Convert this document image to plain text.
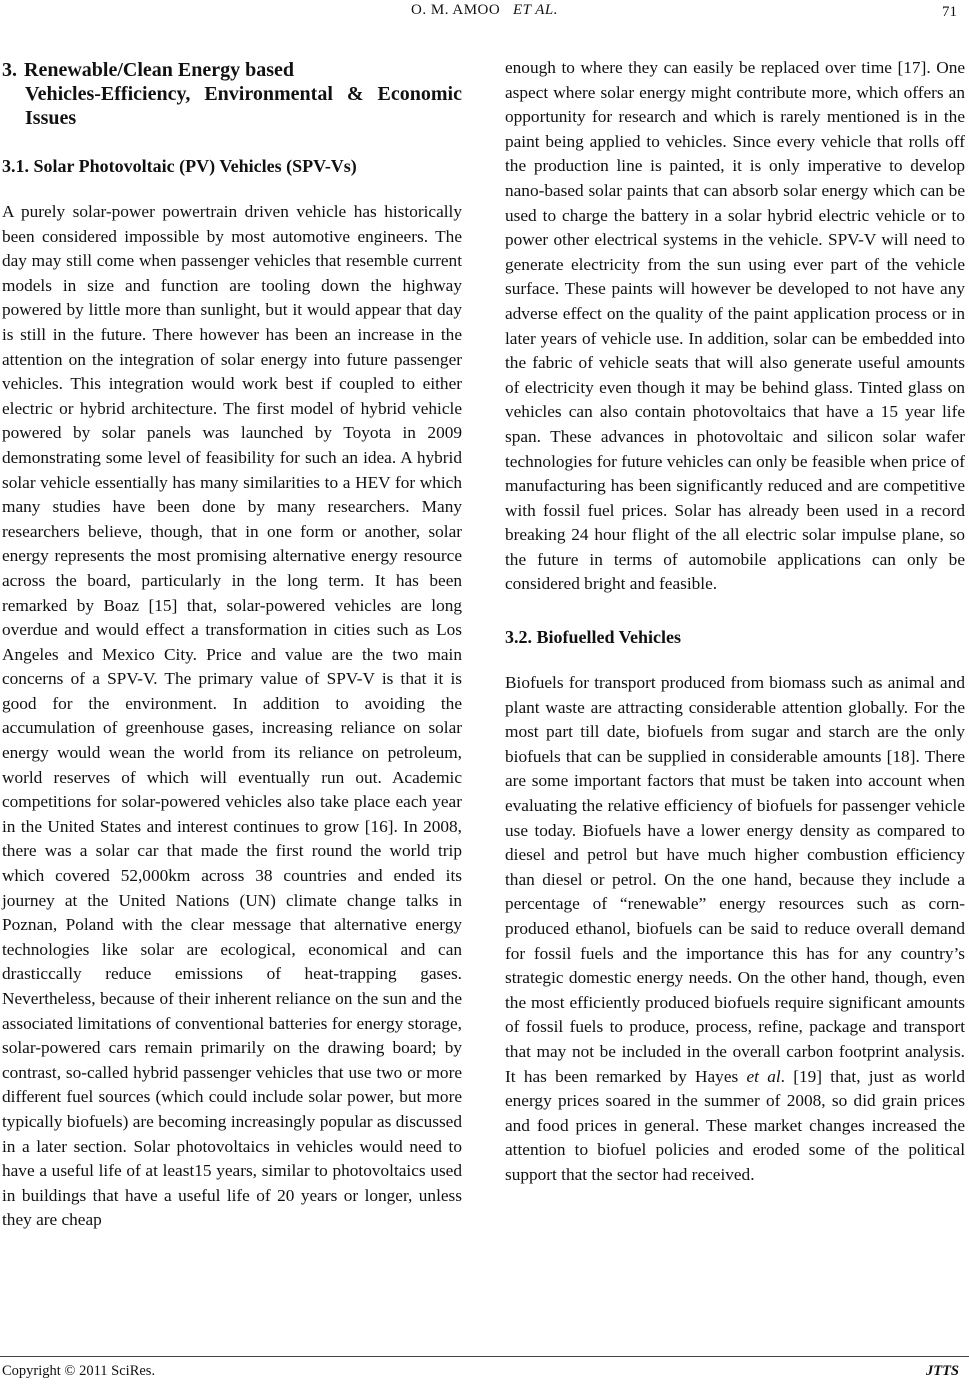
O. M. AMOO ET AL.	71
3. Renewable/Clean Energy based
Vehicles-Efficiency, Environmental & Economic Issues
3.1. Solar Photovoltaic (PV) Vehicles (SPV-Vs)

A purely solar-power powertrain driven vehicle has historically been considered impossible by most automotive engineers. The day may still come when passenger vehicles that resemble current models in size and function are tooling down the highway powered by little more than sunlight, but it would appear that day is still in the future. There however has been an increase in the attention on the integration of solar energy into future passenger vehicles. This integration would work best if coupled to either electric or hybrid architecture. The first model of hybrid vehicle powered by solar panels was launched by Toyota in 2009 demonstrating some level of feasibility for such an idea. A hybrid solar vehicle essentially has many similarities to a HEV for which many studies have been done by many researchers. Many researchers believe, though, that in one form or another, solar energy represents the most promising alternative energy resource across the board, particularly in the long term. It has been remarked by Boaz [15] that, solar-powered vehicles are long overdue and would effect a transformation in cities such as Los Angeles and Mexico City. Price and value are the two main concerns of a SPV-V. The primary value of SPV-V is that it is good for the environment. In addition to avoiding the accumulation of greenhouse gases, increasing reliance on solar energy would wean the world from its reliance on petroleum, world reserves of which will eventually run out. Academic competitions for solar-powered vehicles also take place each year in the United States and interest continues to grow [16]. In 2008, there was a solar car that made the first round the world trip which covered 52,000km across 38 countries and ended its journey at the United Nations (UN) climate change talks in Poznan, Poland with the clear message that alternative energy technologies like solar are ecological, economical and can drasticcally reduce emissions of heat-trapping gases. Nevertheless, because of their inherent reliance on the sun and the associated limitations of conventional batteries for energy storage, solar-powered cars remain primarily on the drawing board; by contrast, so-called hybrid passenger vehicles that use two or more different fuel sources (which could include solar power, but more typically biofuels) are becoming increasingly popular as discussed in a later section. Solar photovoltaics in vehicles would need to have a useful life of at least15 years, similar to photovoltaics used in buildings that have a useful life of 20 years or longer, unless they are cheap

enough to where they can easily be replaced over time [17]. One aspect where solar energy might contribute more, which offers an opportunity for research and which is rarely mentioned is in the paint being applied to vehicles. Since every vehicle that rolls off the production line is painted, it is only imperative to develop nano-based solar paints that can absorb solar energy which can be used to charge the battery in a solar hybrid electric vehicle or to power other electrical systems in the vehicle. SPV-V will need to generate electricity from the sun using ever part of the vehicle surface. These paints will however be developed to not have any adverse effect on the quality of the paint application process or in later years of vehicle use. In addition, solar can be embedded into the fabric of vehicle seats that will also generate useful amounts of electricity even though it may be behind glass. Tinted glass on vehicles can also contain photovoltaics that have a 15 year life span. These advances in photovoltaic and silicon solar wafer technologies for future vehicles can only be feasible when price of manufacturing has been significantly reduced and are competitive with fossil fuel prices. Solar has already been used in a record breaking 24 hour flight of the all electric solar impulse plane, so the future in terms of automobile applications can only be considered bright and feasible.

3.2. Biofuelled Vehicles

Biofuels for transport produced from biomass such as animal and plant waste are attracting considerable attention globally. For the most part till date, biofuels from sugar and starch are the only biofuels that can be supplied in considerable amounts [18]. There are some important factors that must be taken into account when evaluating the relative efficiency of biofuels for passenger vehicle use today. Biofuels have a lower energy density as compared to diesel and petrol but have much higher combustion efficiency than diesel or petrol. On the one hand, because they include a percentage of “renewable” energy resources such as corn-produced ethanol, biofuels can be said to reduce overall demand for fossil fuels and the importance this has for any country’s strategic domestic energy needs. On the other hand, though, even the most efficiently produced biofuels require significant amounts of fossil fuels to produce, process, refine, package and transport that may not be included in the overall carbon footprint analysis. It has been remarked by Hayes et al. [19] that, just as world energy prices soared in the summer of 2008, so did grain prices and food prices in general. These market changes increased the attention to biofuel policies and eroded some of the political support that the sector had received.

Copyright © 2011 SciRes.	JTTS
